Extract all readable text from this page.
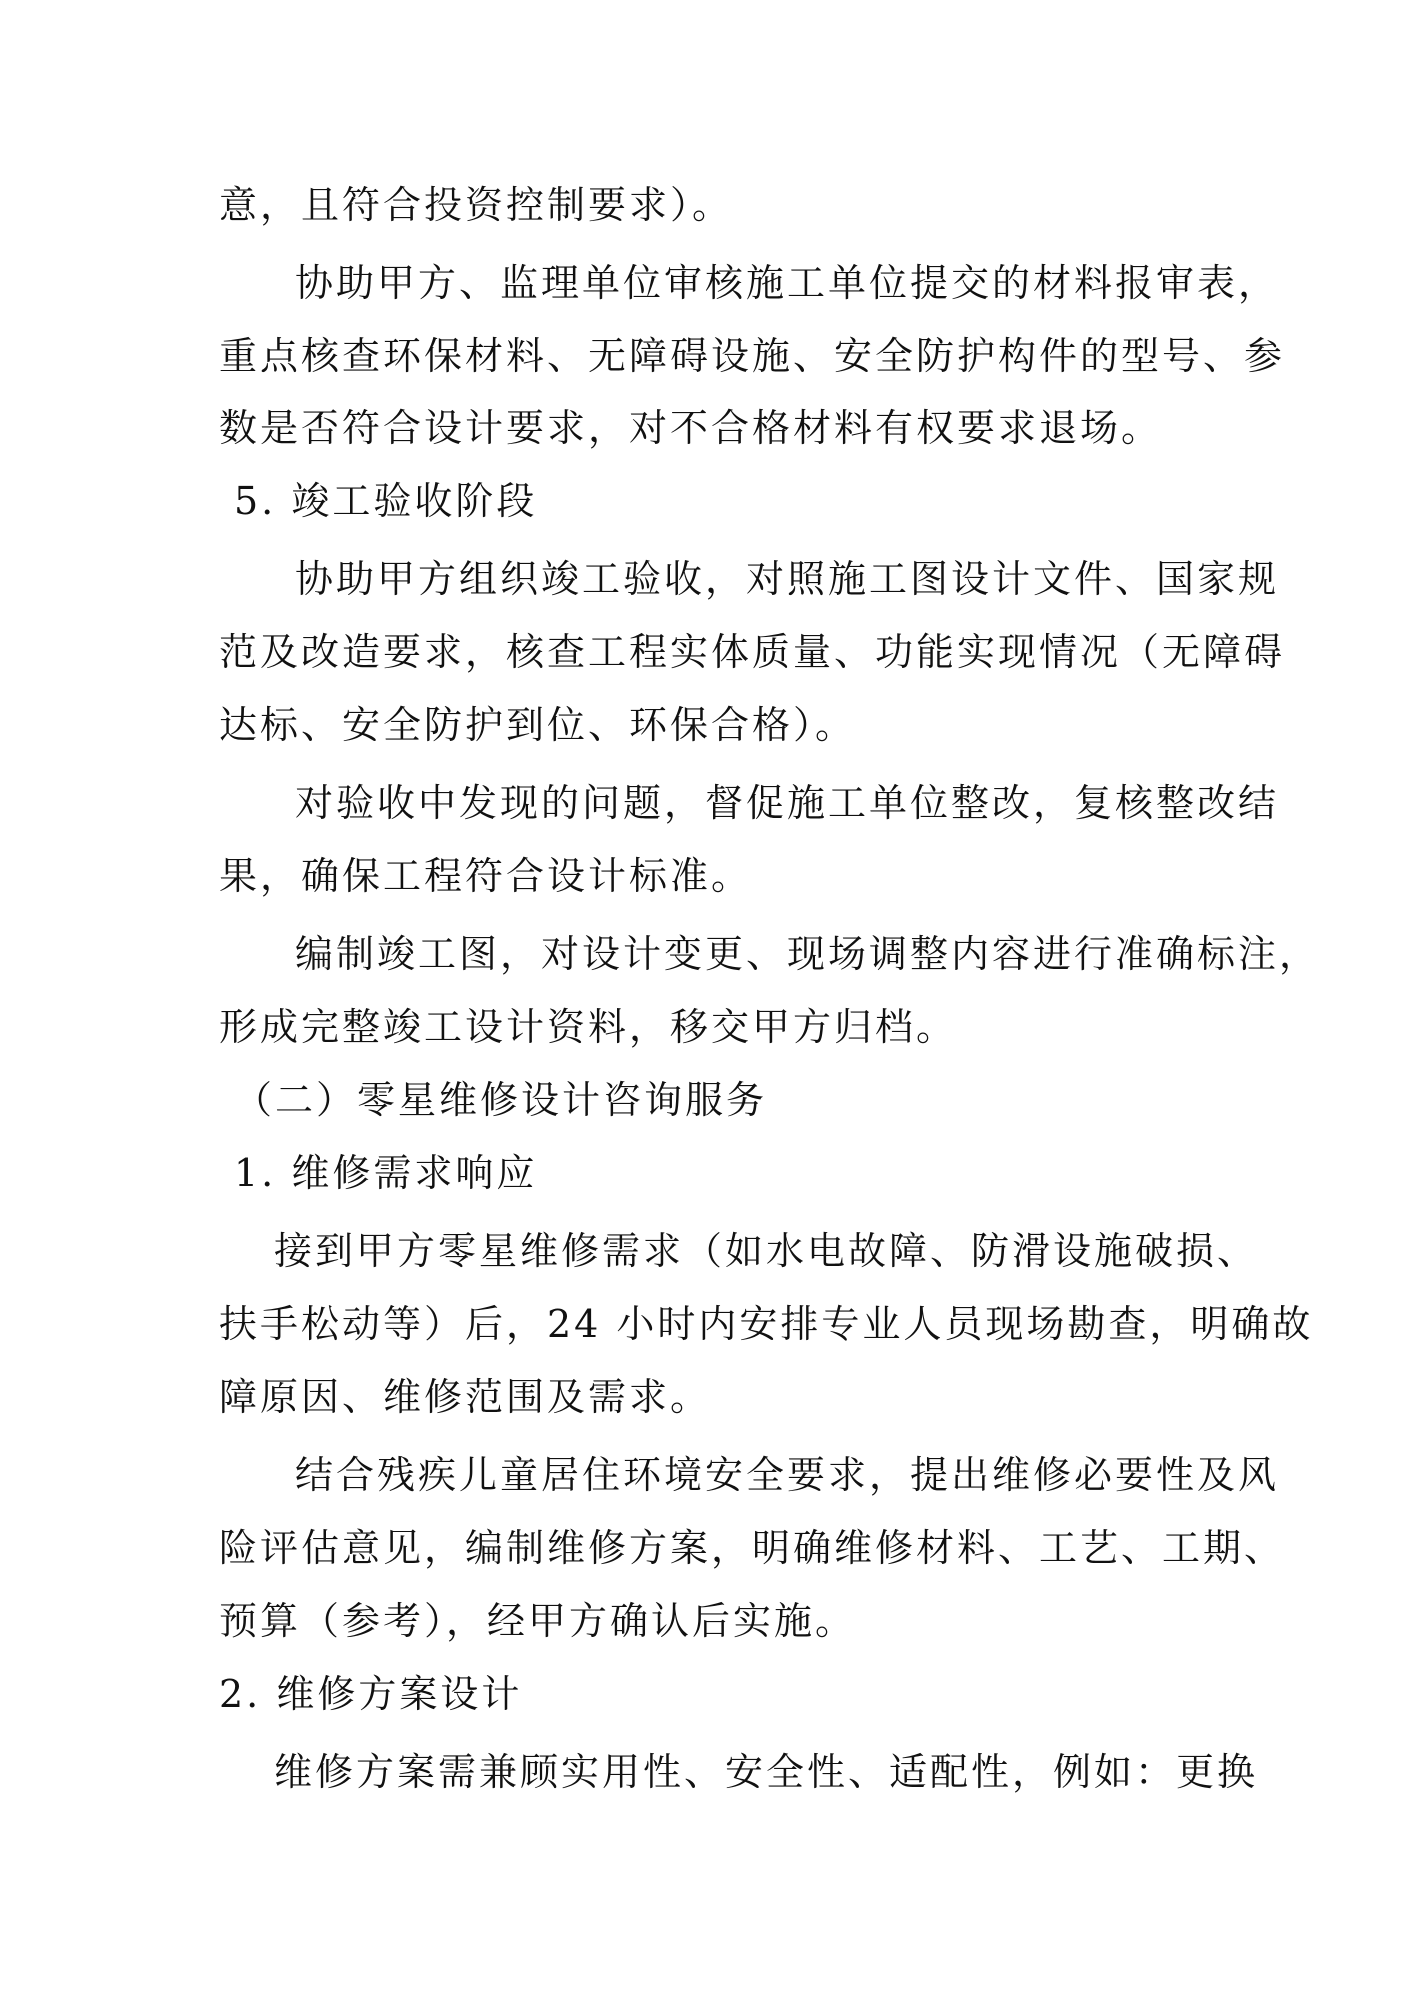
意，且符合投资控制要求）。
协助甲方、监理单位审核施工单位提交的材料报审表，
重点核查环保材料、无障碍设施、安全防护构件的型号、参
数是否符合设计要求，对不合格材料有权要求退场。
5. 竣工验收阶段
协助甲方组织竣工验收，对照施工图设计文件、国家规
范及改造要求，核查工程实体质量、功能实现情况（无障碍
达标、安全防护到位、环保合格）。
对验收中发现的问题，督促施工单位整改，复核整改结
果，确保工程符合设计标准。
编制竣工图，对设计变更、现场调整内容进行准确标注，
形成完整竣工设计资料，移交甲方归档。
（二）零星维修设计咨询服务
1. 维修需求响应
接到甲方零星维修需求（如水电故障、防滑设施破损、
扶手松动等）后，24 小时内安排专业人员现场勘查，明确故
障原因、维修范围及需求。
结合残疾儿童居住环境安全要求，提出维修必要性及风
险评估意见，编制维修方案，明确维修材料、工艺、工期、
预算（参考），经甲方确认后实施。
2. 维修方案设计
维修方案需兼顾实用性、安全性、适配性，例如：更换
